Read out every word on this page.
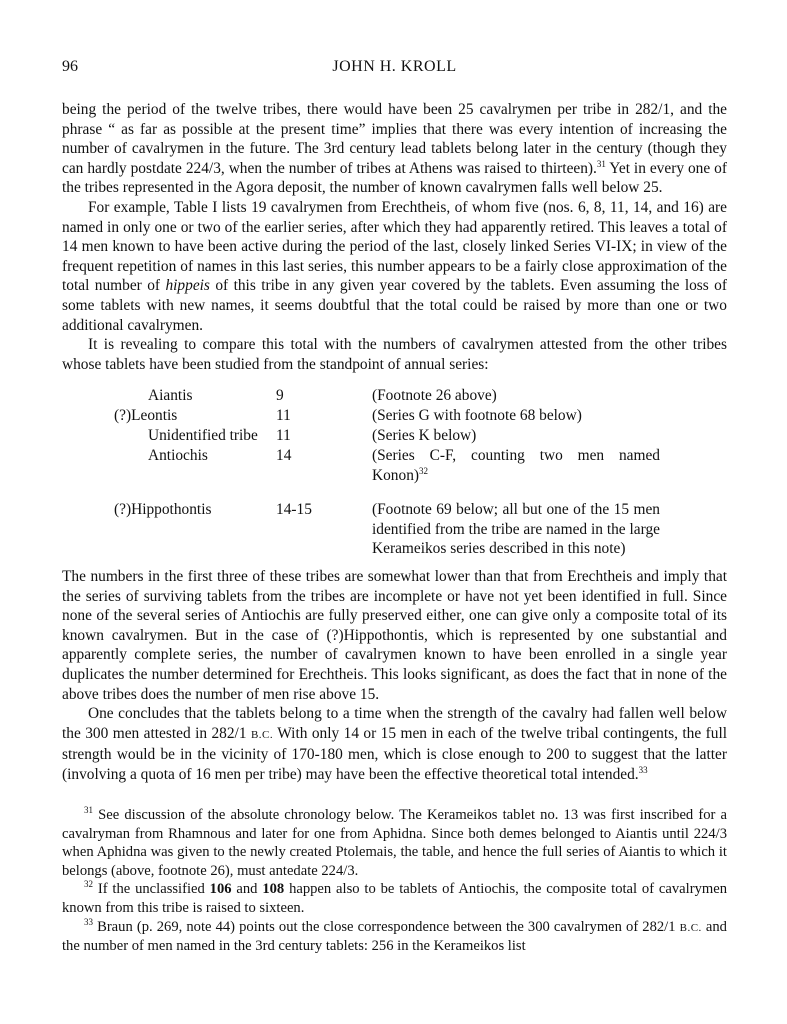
96	JOHN H. KROLL

being the period of the twelve tribes, there would have been 25 cavalrymen per tribe in 282/1, and the phrase “ as far as possible at the present time” implies that there was every intention of increasing the number of cavalrymen in the future. The 3rd century lead tablets belong later in the century (though they can hardly postdate 224/3, when the number of tribes at Athens was raised to thirteen).$^{31}$ Yet in every one of the tribes represented in the Agora deposit, the number of known cavalrymen falls well below 25.

For example, Table I lists 19 cavalrymen from Erechtheis, of whom five (nos. 6, 8, 11, 14, and 16) are named in only one or two of the earlier series, after which they had apparently retired. This leaves a total of 14 men known to have been active during the period of the last, closely linked Series VI-IX; in view of the frequent repetition of names in this last series, this number appears to be a fairly close approximation of the total number of hippeis of this tribe in any given year covered by the tablets. Even assuming the loss of some tablets with new names, it seems doubtful that the total could be raised by more than one or two additional cavalrymen.

It is revealing to compare this total with the numbers of cavalrymen attested from the other tribes whose tablets have been studied from the standpoint of annual series:

Aiantis	9	(Footnote 26 above)
(?)Leontis	11	(Series G with footnote 68 below)
Unidentified tribe 11	(Series K below)
Antiochis	14	(Series C-F, counting two men named Konon)$^{32}$
(?)Hippothontis	14-15	(Footnote 69 below; all but one of the 15 men identified from the tribe are named in the large Kerameikos series described in this note)

The numbers in the first three of these tribes are somewhat lower than that from Erechtheis and imply that the series of surviving tablets from the tribes are incomplete or have not yet been identified in full. Since none of the several series of Antiochis are fully preserved either, one can give only a composite total of its known cavalrymen. But in the case of (?)Hippothontis, which is represented by one substantial and apparently complete series, the number of cavalrymen known to have been enrolled in a single year duplicates the number determined for Erechtheis. This looks significant, as does the fact that in none of the above tribes does the number of men rise above 15.

One concludes that the tablets belong to a time when the strength of the cavalry had fallen well below the 300 men attested in 282/1 B.C. With only 14 or 15 men in each of the twelve tribal contingents, the full strength would be in the vicinity of 170-180 men, which is close enough to 200 to suggest that the latter (involving a quota of 16 men per tribe) may have been the effective theoretical total intended.$^{33}$

$^{31}$ See discussion of the absolute chronology below. The Kerameikos tablet no. 13 was first inscribed for a cavalryman from Rhamnous and later for one from Aphidna. Since both demes belonged to Aiantis until 224/3 when Aphidna was given to the newly created Ptolemais, the table, and hence the full series of Aiantis to which it belongs (above, footnote 26), must antedate 224/3.

$^{32}$ If the unclassified 106 and 108 happen also to be tablets of Antiochis, the composite total of cavalrymen known from this tribe is raised to sixteen.

$^{33}$ Braun (p. 269, note 44) points out the close correspondence between the 300 cavalrymen of 282/1 B.C. and the number of men named in the 3rd century tablets: 256 in the Kerameikos list
